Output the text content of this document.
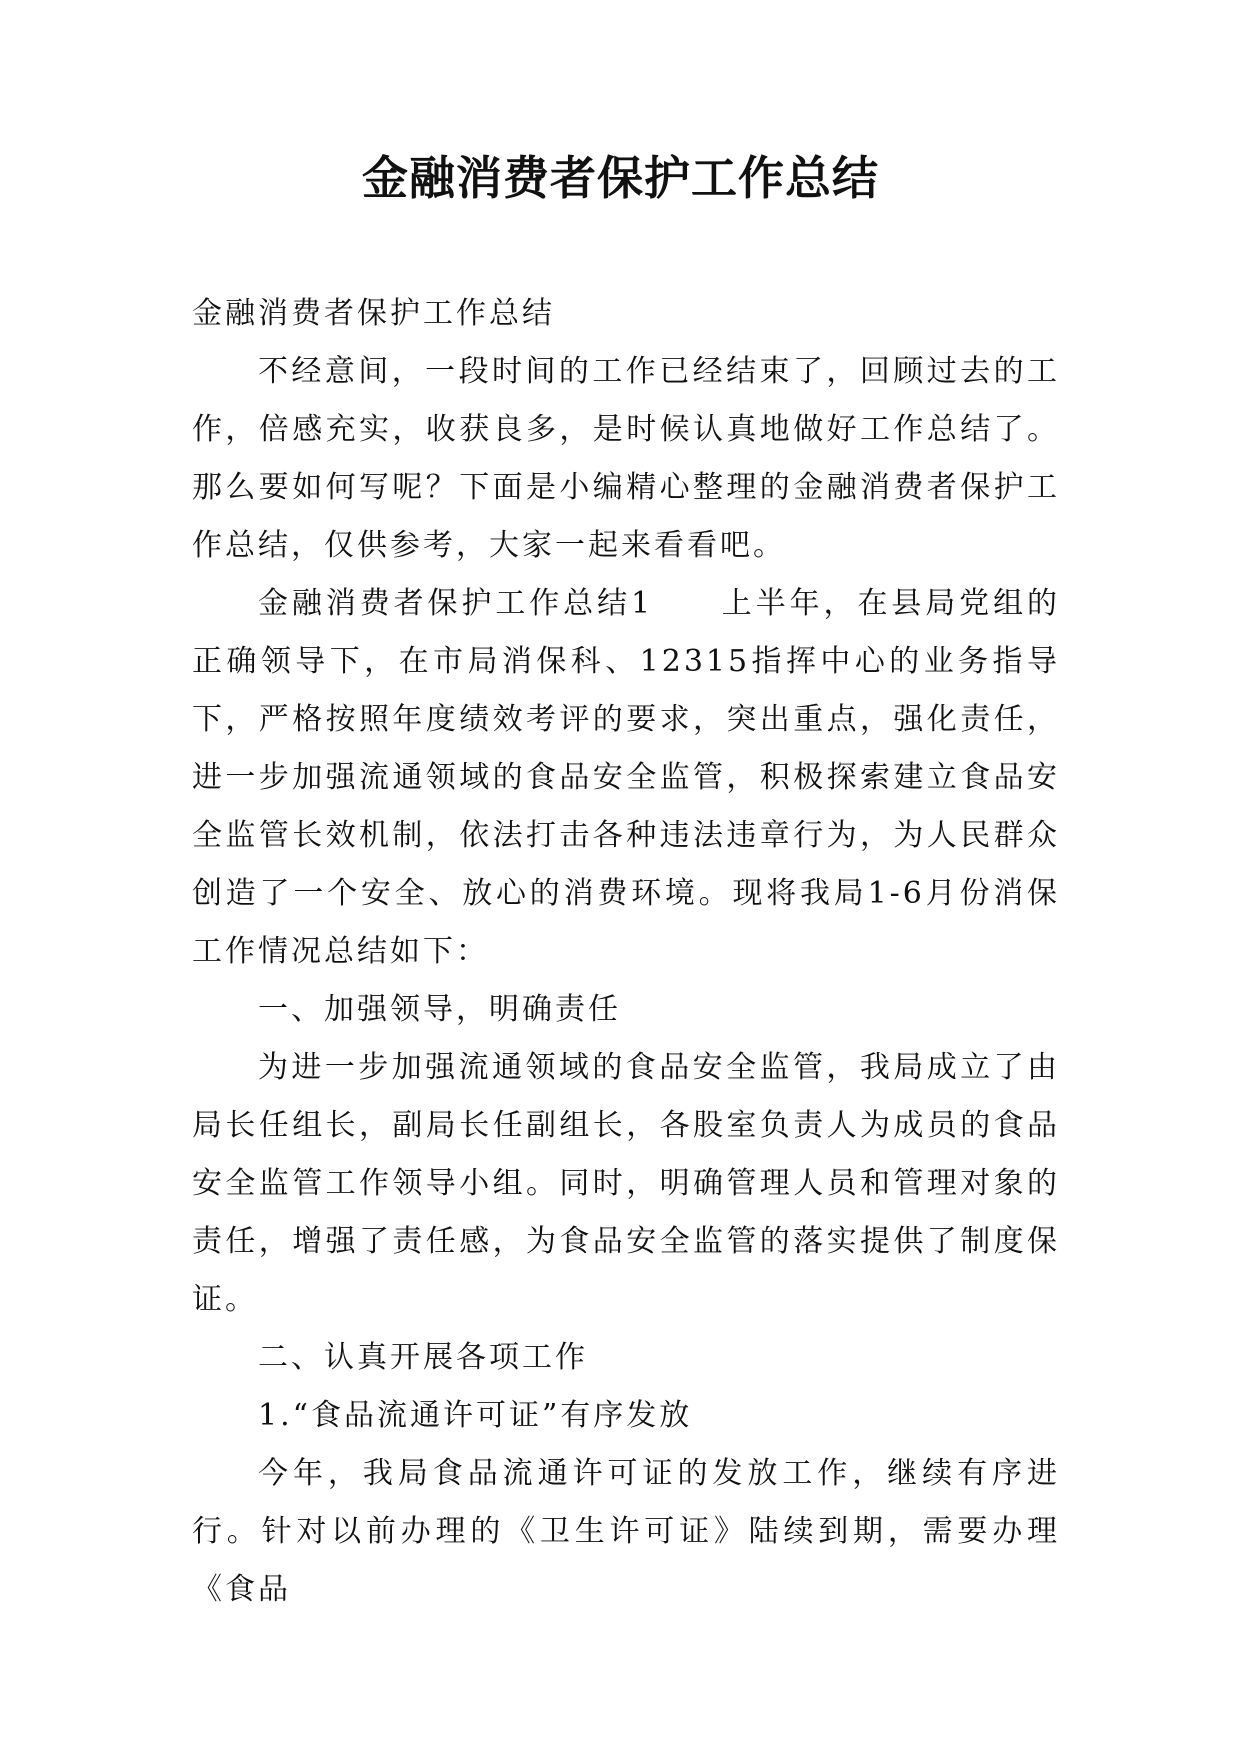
金融消费者保护工作总结

金融消费者保护工作总结

不经意间，一段时间的工作已经结束了，回顾过去的工作，倍感充实，收获良多，是时候认真地做好工作总结了。那么要如何写呢？下面是小编精心整理的金融消费者保护工作总结，仅供参考，大家一起来看看吧。

金融消费者保护工作总结1　　上半年，在县局党组的正确领导下，在市局消保科、12315指挥中心的业务指导下，严格按照年度绩效考评的要求，突出重点，强化责任，进一步加强流通领域的食品安全监管，积极探索建立食品安全监管长效机制，依法打击各种违法违章行为，为人民群众创造了一个安全、放心的消费环境。现将我局1-6月份消保工作情况总结如下：

一、加强领导，明确责任

为进一步加强流通领域的食品安全监管，我局成立了由局长任组长，副局长任副组长，各股室负责人为成员的食品安全监管工作领导小组。同时，明确管理人员和管理对象的责任，增强了责任感，为食品安全监管的落实提供了制度保证。

二、认真开展各项工作

1.“食品流通许可证”有序发放

今年，我局食品流通许可证的发放工作，继续有序进行。针对以前办理的《卫生许可证》陆续到期，需要办理《食品
